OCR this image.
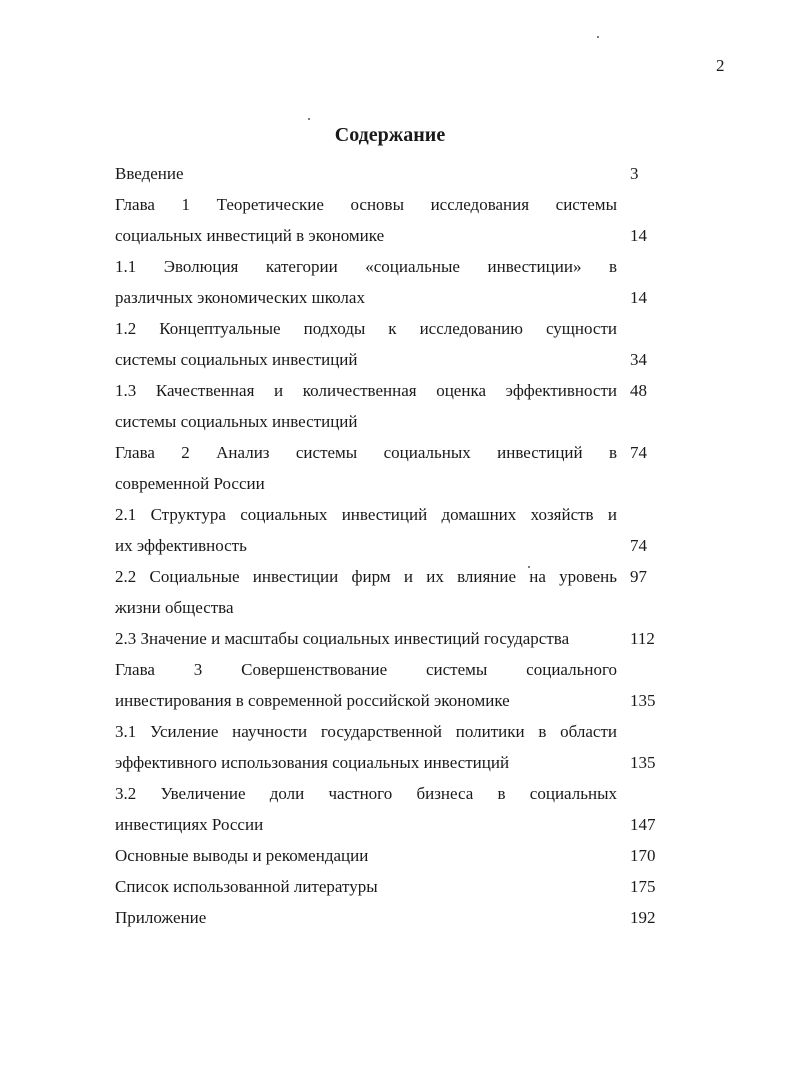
2
Содержание
Введение	3
Глава 1 Теоретические основы исследования системы
социальных инвестиций в экономике	14
1.1 Эволюция категории «социальные инвестиции» в
различных экономических школах	14
1.2 Концептуальные подходы к исследованию сущности
системы социальных инвестиций	34
1.3 Качественная и количественная оценка эффективности 48
системы социальных инвестиций
Глава 2 Анализ системы социальных инвестиций в 74
современной России
2.1 Структура социальных инвестиций домашних хозяйств и
их эффективность	74
2.2 Социальные инвестиции фирм и их влияние на уровень 97
жизни общества
2.3 Значение и масштабы социальных инвестиций государства	112
Глава 3 Совершенствование системы социального
инвестирования в современной российской экономике	135
3.1 Усиление научности государственной политики в области
эффективного использования социальных инвестиций	135
3.2 Увеличение доли частного бизнеса в социальных
инвестициях России	147
Основные выводы и рекомендации	170
Список использованной литературы	175
Приложение	192
